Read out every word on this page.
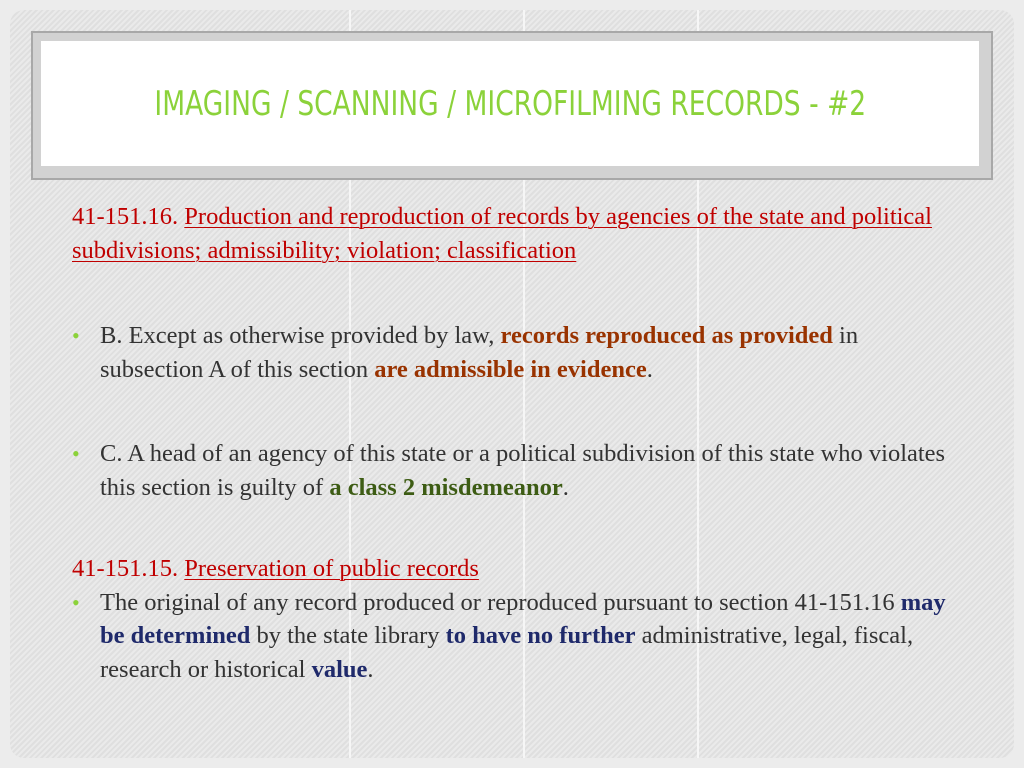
IMAGING / SCANNING / MICROFILMING RECORDS - #2

41-151.16. Production and reproduction of records by agencies of the state and political subdivisions; admissibility; violation; classification

• B. Except as otherwise provided by law, records reproduced as provided in subsection A of this section are admissible in evidence.

• C. A head of an agency of this state or a political subdivision of this state who violates this section is guilty of a class 2 misdemeanor.

41-151.15. Preservation of public records

• The original of any record produced or reproduced pursuant to section 41-151.16 may be determined by the state library to have no further administrative, legal, fiscal, research or historical value.
